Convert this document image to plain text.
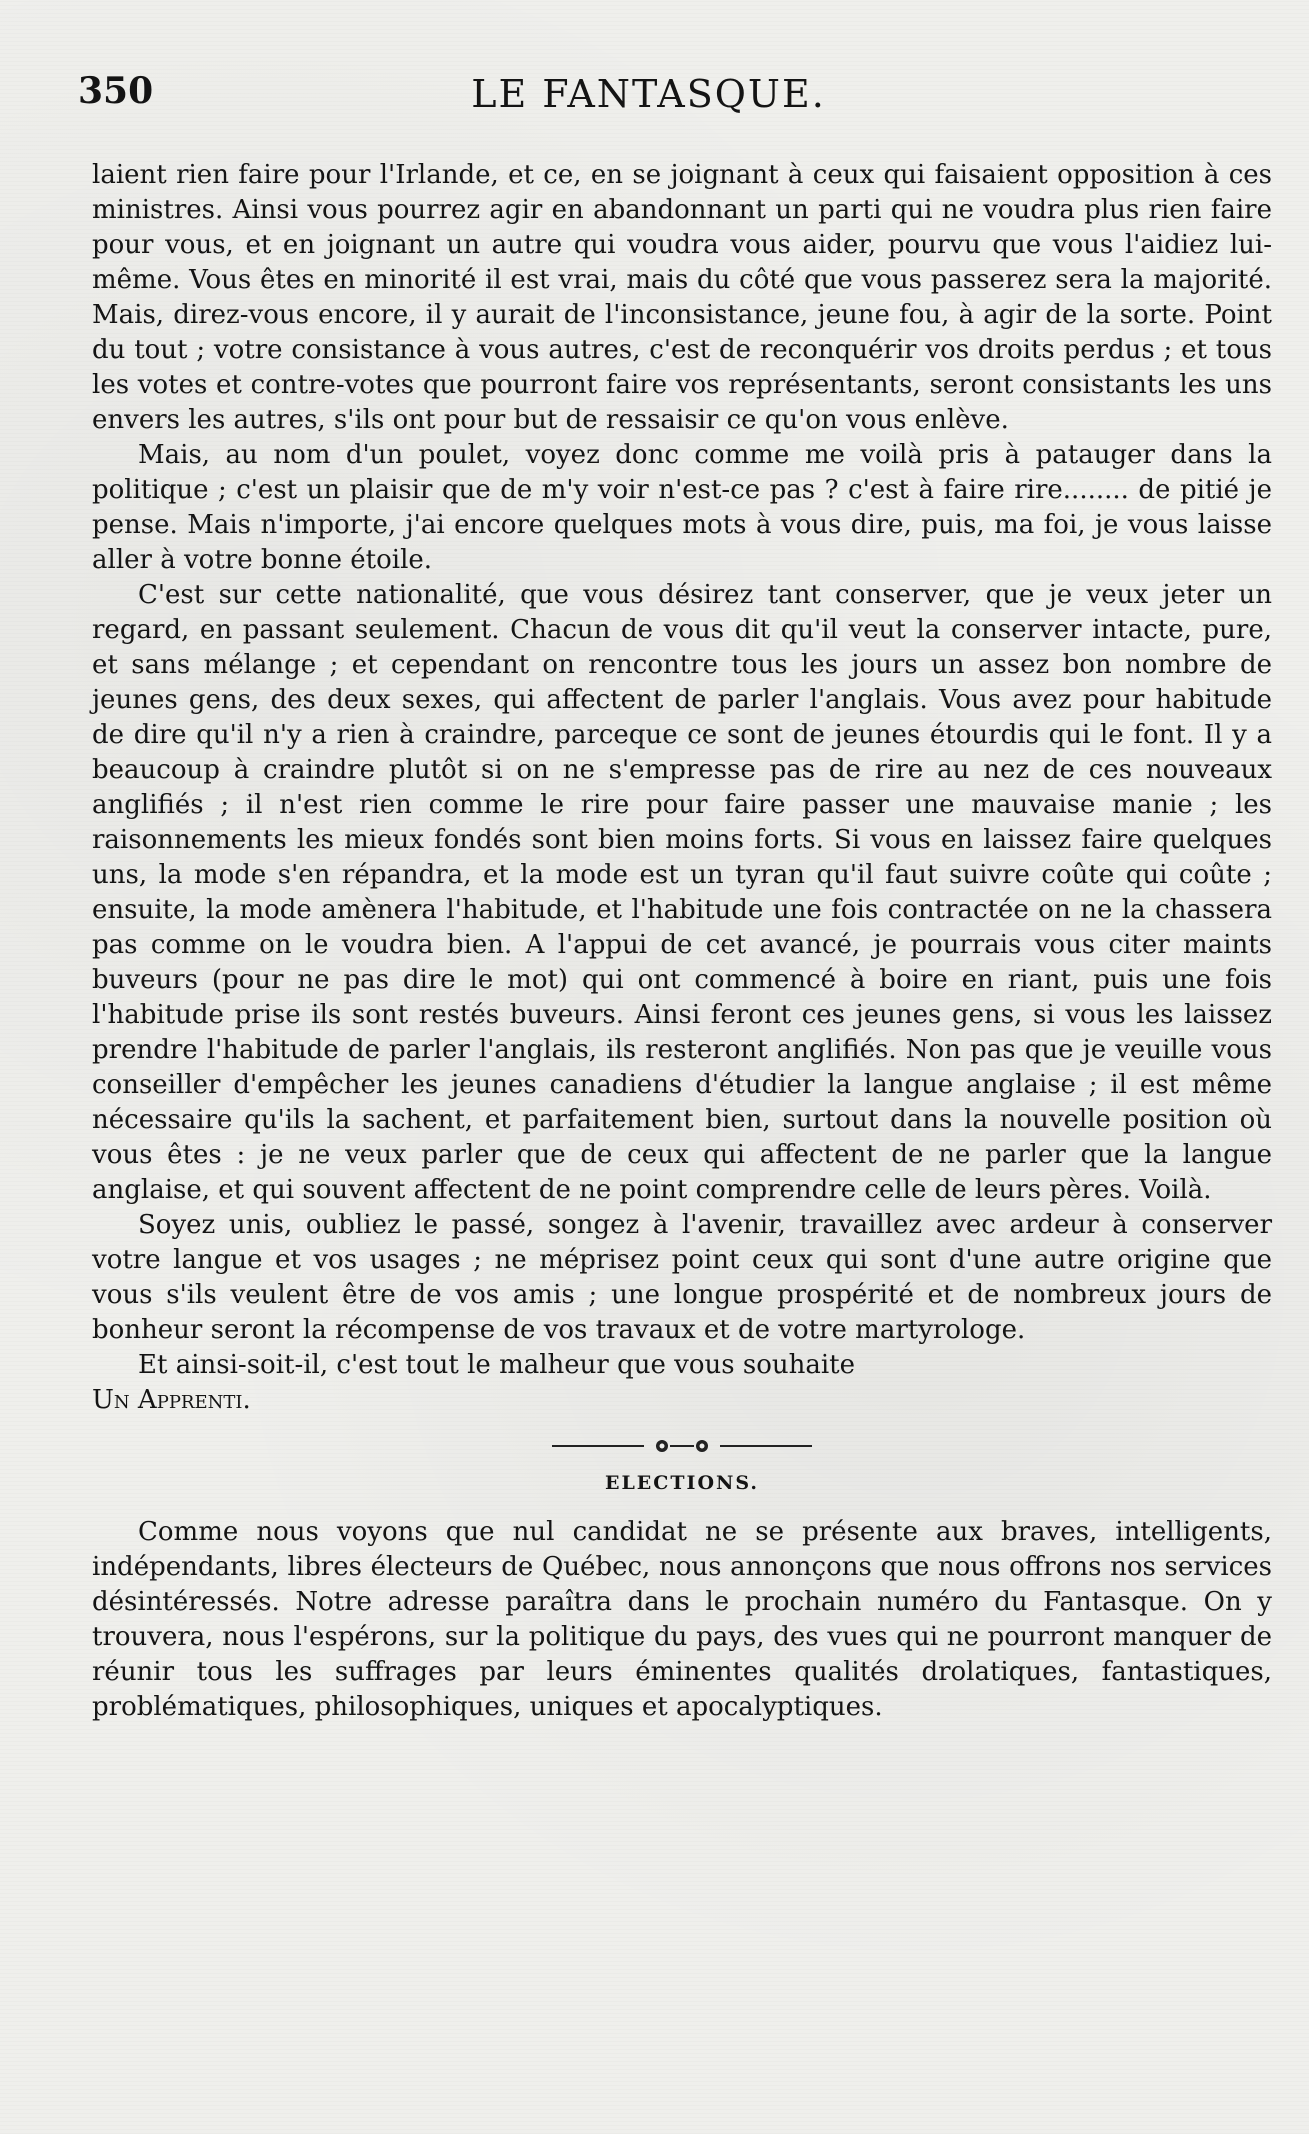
350	LE FANTASQUE.

laient rien faire pour l'Irlande, et ce, en se joignant à ceux qui faisaient opposition à ces ministres. Ainsi vous pourrez agir en abandonnant un parti qui ne voudra plus rien faire pour vous, et en joignant un autre qui voudra vous aider, pourvu que vous l'aidiez lui-même. Vous êtes en minorité il est vrai, mais du côté que vous passerez sera la majorité. Mais, direz-vous encore, il y aurait de l'inconsistance, jeune fou, à agir de la sorte. Point du tout ; votre consistance à vous autres, c'est de reconquérir vos droits perdus ; et tous les votes et contre-votes que pourront faire vos représentants, seront consistants les uns envers les autres, s'ils ont pour but de ressaisir ce qu'on vous enlève.

Mais, au nom d'un poulet, voyez donc comme me voilà pris à patauger dans la politique ; c'est un plaisir que de m'y voir n'est-ce pas ? c'est à faire rire........ de pitié je pense. Mais n'importe, j'ai encore quelques mots à vous dire, puis, ma foi, je vous laisse aller à votre bonne étoile.

C'est sur cette nationalité, que vous désirez tant conserver, que je veux jeter un regard, en passant seulement. Chacun de vous dit qu'il veut la conserver intacte, pure, et sans mélange ; et cependant on rencontre tous les jours un assez bon nombre de jeunes gens, des deux sexes, qui affectent de parler l'anglais. Vous avez pour habitude de dire qu'il n'y a rien à craindre, parceque ce sont de jeunes étourdis qui le font. Il y a beaucoup à craindre plutôt si on ne s'empresse pas de rire au nez de ces nouveaux anglifiés ; il n'est rien comme le rire pour faire passer une mauvaise manie ; les raisonnements les mieux fondés sont bien moins forts. Si vous en laissez faire quelques uns, la mode s'en répandra, et la mode est un tyran qu'il faut suivre coûte qui coûte ; ensuite, la mode amènera l'habitude, et l'habitude une fois contractée on ne la chassera pas comme on le voudra bien. A l'appui de cet avancé, je pourrais vous citer maints buveurs (pour ne pas dire le mot) qui ont commencé à boire en riant, puis une fois l'habitude prise ils sont restés buveurs. Ainsi feront ces jeunes gens, si vous les laissez prendre l'habitude de parler l'anglais, ils resteront anglifiés. Non pas que je veuille vous conseiller d'empêcher les jeunes canadiens d'étudier la langue anglaise ; il est même nécessaire qu'ils la sachent, et parfaitement bien, surtout dans la nouvelle position où vous êtes : je ne veux parler que de ceux qui affectent de ne parler que la langue anglaise, et qui souvent affectent de ne point comprendre celle de leurs pères. Voilà.

Soyez unis, oubliez le passé, songez à l'avenir, travaillez avec ardeur à conserver votre langue et vos usages ; ne méprisez point ceux qui sont d'une autre origine que vous s'ils veulent être de vos amis ; une longue prospérité et de nombreux jours de bonheur seront la récompense de vos travaux et de votre martyrologe.

Et ainsi-soit-il, c'est tout le malheur que vous souhaite

Un Apprenti.

ELECTIONS.

Comme nous voyons que nul candidat ne se présente aux braves, intelligents, indépendants, libres électeurs de Québec, nous annonçons que nous offrons nos services désintéressés. Notre adresse paraîtra dans le prochain numéro du Fantasque. On y trouvera, nous l'espérons, sur la politique du pays, des vues qui ne pourront manquer de réunir tous les suffrages par leurs éminentes qualités drolatiques, fantastiques, problématiques, philosophiques, uniques et apocalyptiques.
